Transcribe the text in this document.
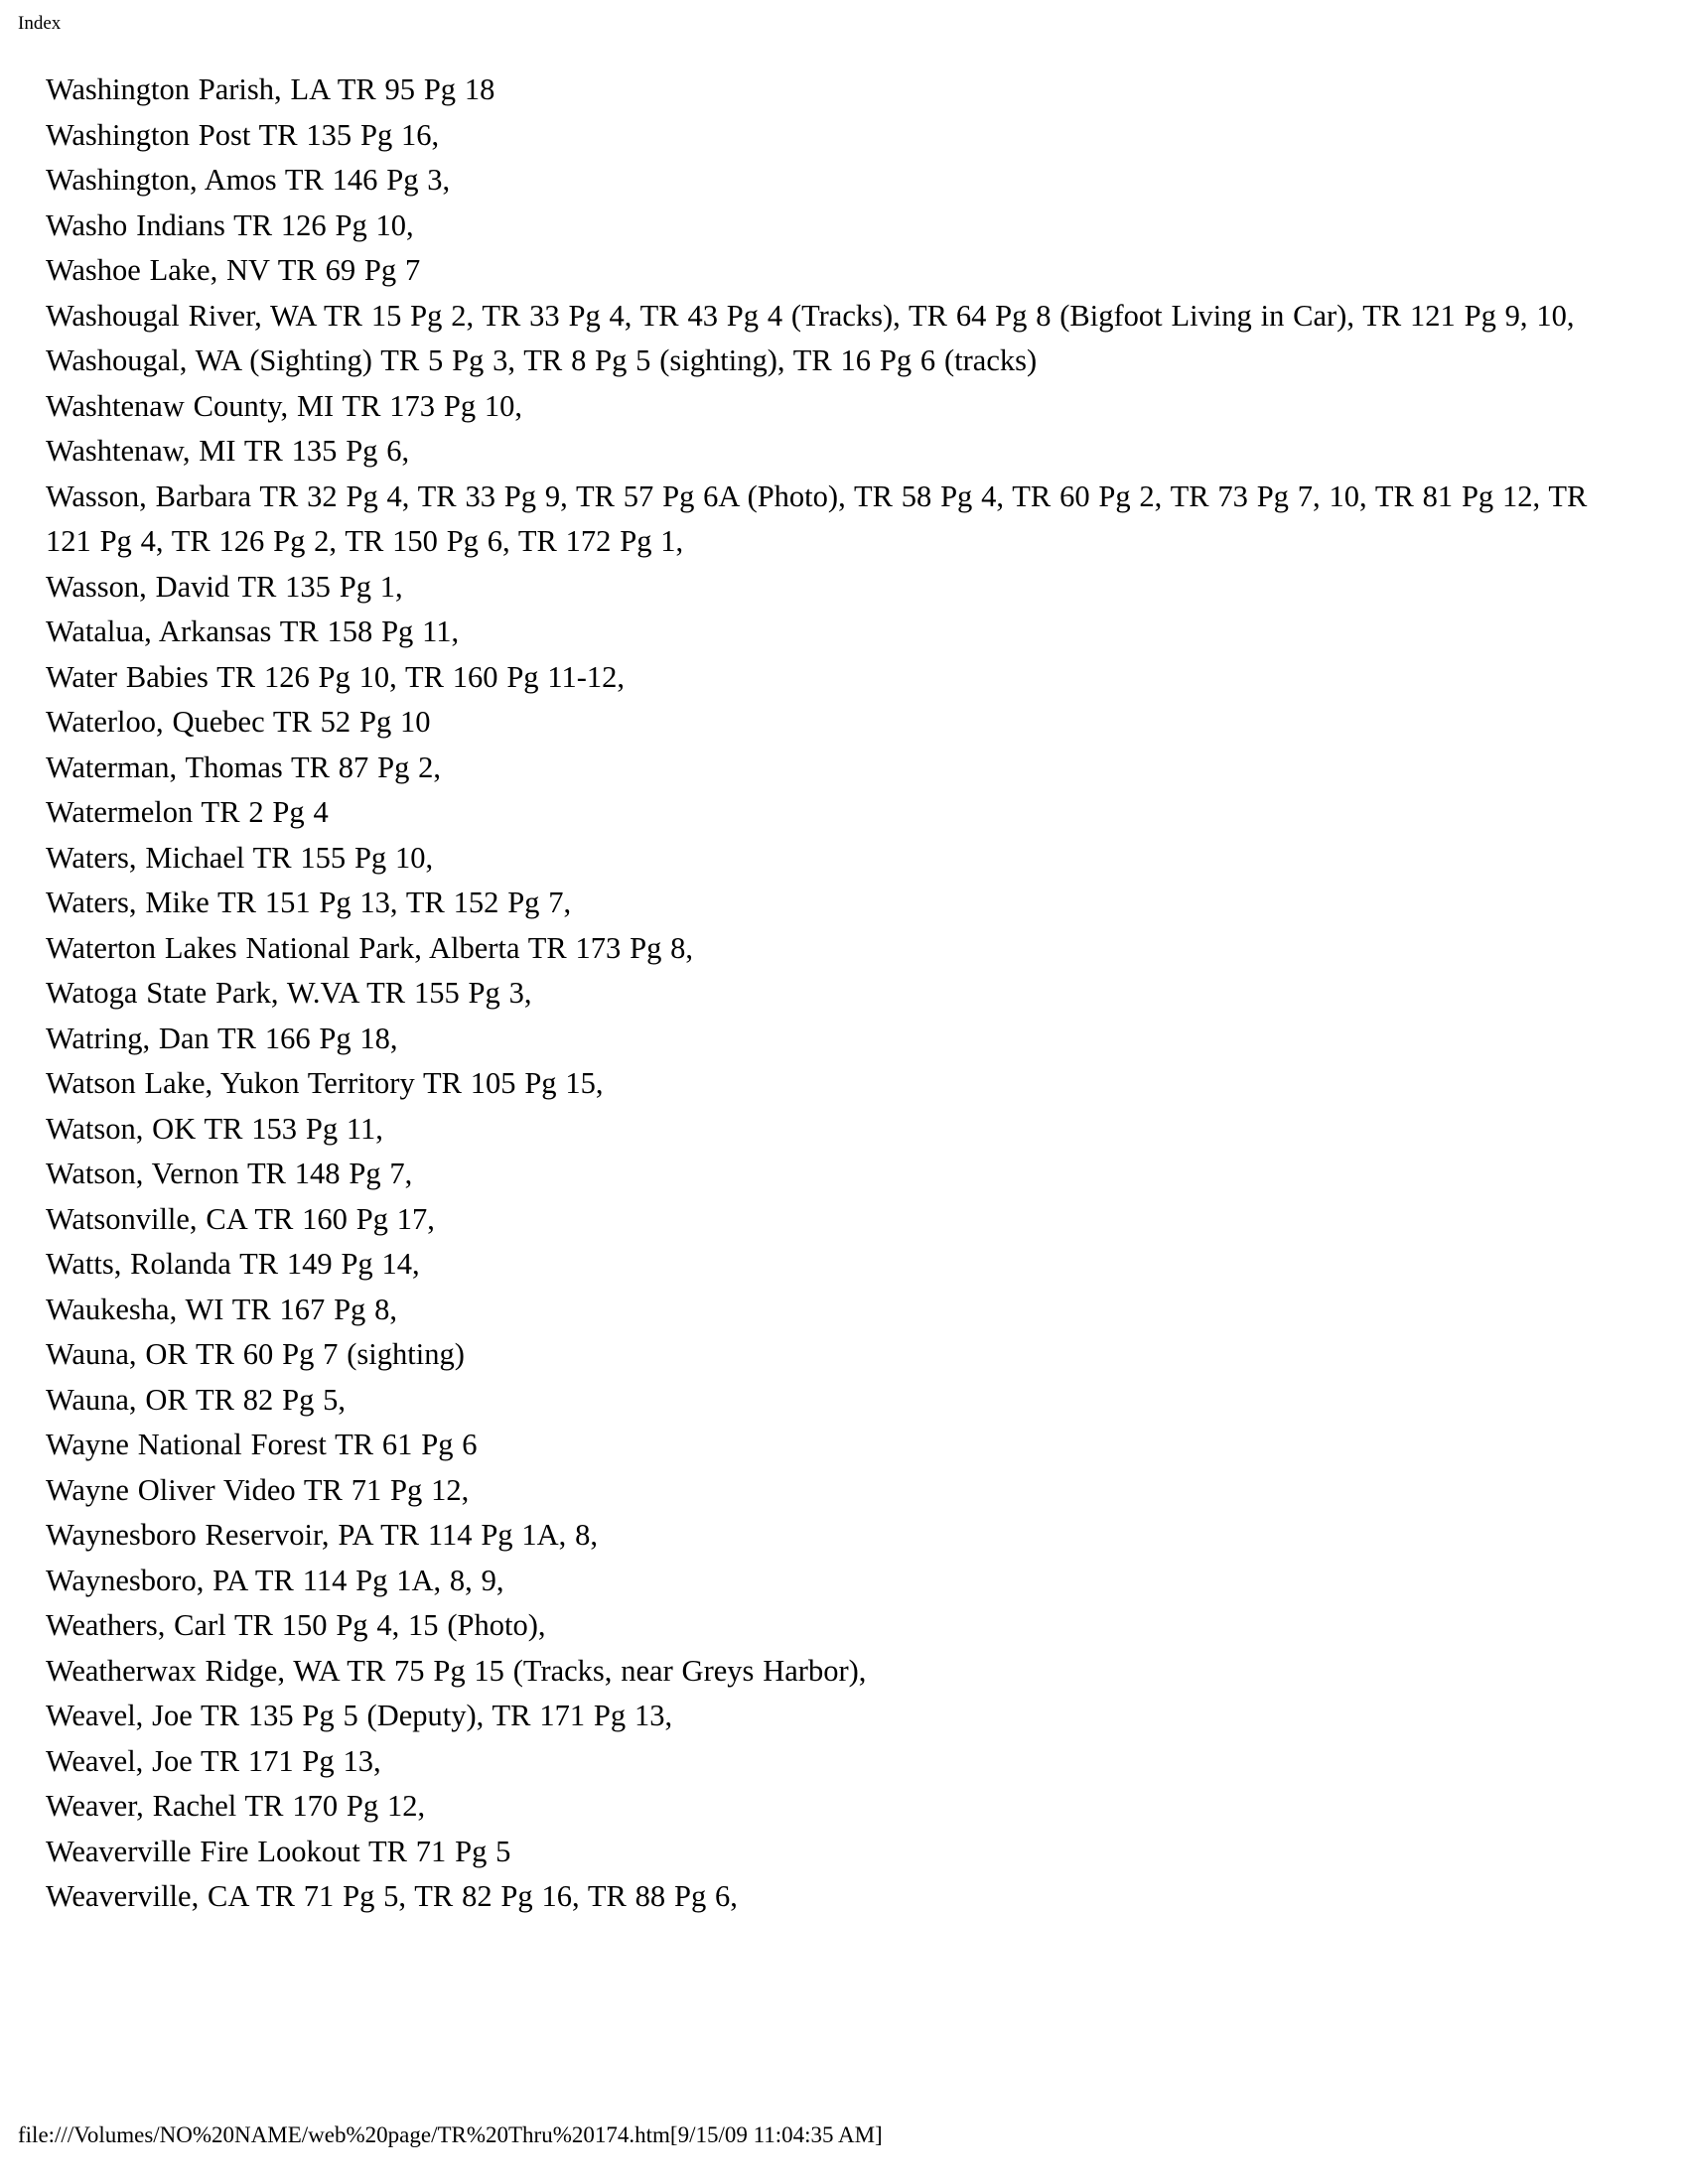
Index
Washington Parish, LA TR 95 Pg 18
Washington Post TR 135 Pg 16,
Washington, Amos TR 146 Pg 3,
Washo Indians TR 126 Pg 10,
Washoe Lake, NV TR 69 Pg 7
Washougal River, WA TR 15 Pg 2, TR 33 Pg 4, TR 43 Pg 4 (Tracks), TR 64 Pg 8 (Bigfoot Living in Car), TR 121 Pg 9, 10,
Washougal, WA (Sighting) TR 5 Pg 3, TR 8 Pg 5 (sighting), TR 16 Pg 6 (tracks)
Washtenaw County, MI TR 173 Pg 10,
Washtenaw, MI TR 135 Pg 6,
Wasson, Barbara TR 32 Pg 4, TR 33 Pg 9, TR 57 Pg 6A (Photo), TR 58 Pg 4, TR 60 Pg 2, TR 73 Pg 7, 10, TR 81 Pg 12, TR 121 Pg 4, TR 126 Pg 2, TR 150 Pg 6, TR 172 Pg 1,
Wasson, David TR 135 Pg 1,
Watalua, Arkansas TR 158 Pg 11,
Water Babies TR 126 Pg 10, TR 160 Pg 11-12,
Waterloo, Quebec TR 52 Pg 10
Waterman, Thomas TR 87 Pg 2,
Watermelon TR 2 Pg 4
Waters, Michael TR 155 Pg 10,
Waters, Mike TR 151 Pg 13, TR 152 Pg 7,
Waterton Lakes National Park, Alberta TR 173 Pg 8,
Watoga State Park, W.VA TR 155 Pg 3,
Watring, Dan TR 166 Pg 18,
Watson Lake, Yukon Territory TR 105 Pg 15,
Watson, OK TR 153 Pg 11,
Watson, Vernon TR 148 Pg 7,
Watsonville, CA TR 160 Pg 17,
Watts, Rolanda TR 149 Pg 14,
Waukesha, WI TR 167 Pg 8,
Wauna, OR TR 60 Pg 7 (sighting)
Wauna, OR TR 82 Pg 5,
Wayne National Forest TR 61 Pg 6
Wayne Oliver Video TR 71 Pg 12,
Waynesboro Reservoir, PA TR 114 Pg 1A, 8,
Waynesboro, PA TR 114 Pg 1A, 8, 9,
Weathers, Carl TR 150 Pg 4, 15 (Photo),
Weatherwax Ridge, WA TR 75 Pg 15 (Tracks, near Greys Harbor),
Weavel, Joe TR 135 Pg 5 (Deputy), TR 171 Pg 13,
Weavel, Joe TR 171 Pg 13,
Weaver, Rachel TR 170 Pg 12,
Weaverville Fire Lookout TR 71 Pg 5
Weaverville, CA TR 71 Pg 5, TR 82 Pg 16, TR 88 Pg 6,
file:///Volumes/NO%20NAME/web%20page/TR%20Thru%20174.htm[9/15/09 11:04:35 AM]
